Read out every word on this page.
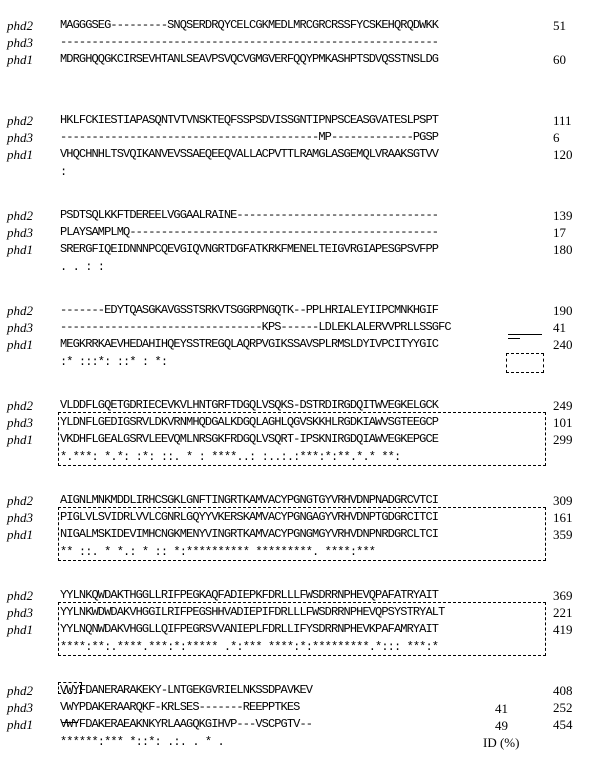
phd2 MAGGGSEG---------SNQSERDRQYCELCGKMEDLMRCGRCRSSFYCSKEHQRQDWKK	51
phd3 ------------------------------------------------------------
phd1 MDRGHQQGKCIRSEVHTANLSEAVPSVQCVGMGVERFQQYPMKASHPTSDVQSSTNSLDG	60
phd2 HKLFCKIESTIAPASQNTVTVNSKTEQFSSPSDVISSGNTIPNPSCEASGVATESLPSPT	111
phd3 -----------------------------------------MP-------------PGSP	6
phd1 VHQCHNHLTSVQIKANVEVSSAEQEEQVALLACPVTTLRAMGLASGEMQLVRAAKSGTVV	120
:
phd2 PSDTSQLKKFTDEREELVGGAALRAINE--------------------------------	139
phd3 PLAYSAMPLMQ-------------------------------------------------	17
phd1 SRERGFIQEIDNNNPCQEVGIQVNGRTDGFATKRKFMENELTEIGVRGIAPESGPSVFPP	180
. . : :
phd2 -------EDYTQASGKAVGSSTSRKVTSGGRPNGQTK--PPLHRIALEYIIPCMNKHGIF	190
phd3 --------------------------------KPS------LDLEKLALERVVPRLLSSGFC	41
phd1 MEGKRRKAEVHEDAHIHQEYSSTREGQLAQRPVGIKSSAVSPLRMSLDYIVPCITYYGIC	240
:* :::*: ::* : *:
phd2 VLDDFLGQETGDRIECEVKVLHNTGRFTDGQLVSQKS-DSTRDIRGDQITWVEGKELGCK	249
phd3 YLDNFLGEDIGSRVLDKVRNMHQDGALKDGQLAGHLQGVSKKHLRGDKIAWVSGTEEGCP	101
phd1 VKDHFLGEALGSRVLEEVQMLNRSGKFRDGQLVSQRT-IPSKNIRGDQIAWVEGKEPGCE	299
*.***: *.*: :*: ::. * : ****..: :..:.:***:*:**.*.* **:
phd2 AIGNLMNKMDDLIRHCSGKLGNFTINGRTKAMVACYPGNGTGYVRHVDNPNADGRCVTCI	309
phd3 PIGLVLSVIDRLVVLCGNRLGQYYVKERSKAMVACYPGNGAGYVRHVDNPTGDGRCITCI	161
phd1 NIGALMSKIDEVIMHCNGKMENYVINGRTKAMVACYPGNGMGYVRHVDNPNRDGRCLTCI	359
** ::. * *.: * :: *:********** *********. ****:***
phd2 YYLNKQWDAKTHGGLLRIFPEGKAQFADIEPKFDRLLLFWSDRRNPHEVQPAFATRYAIT	369
phd3 YYLNKWDWDAKVHGGILRIFPEGSHHVADIEPIFDRLLLFWSDRRNPHEVQPSYSTRYALT	221
phd1 YYLNQNWDAKVHGGLLQIFPEGRSVVANIEPLFDRLLIFYSDRRNPHEVKPAFAMRYAIT	419
****:**:.****.***:*:***** .*:*** ****:*:*********.*::: ***:*
phd2 VWYFDANERARAKEKY-LNTGEKGVRIELNKSSDPAVKEV	408
phd3 VWYPDAKERAARQKF-KRLSES-------REEPPTKES	252
phd1 VWYFDAKERAEAKNKYRLAAGQKGIHVP---VSCPGTV--	454
******:*** *::*: .:. . * .
41
49
ID (%)
